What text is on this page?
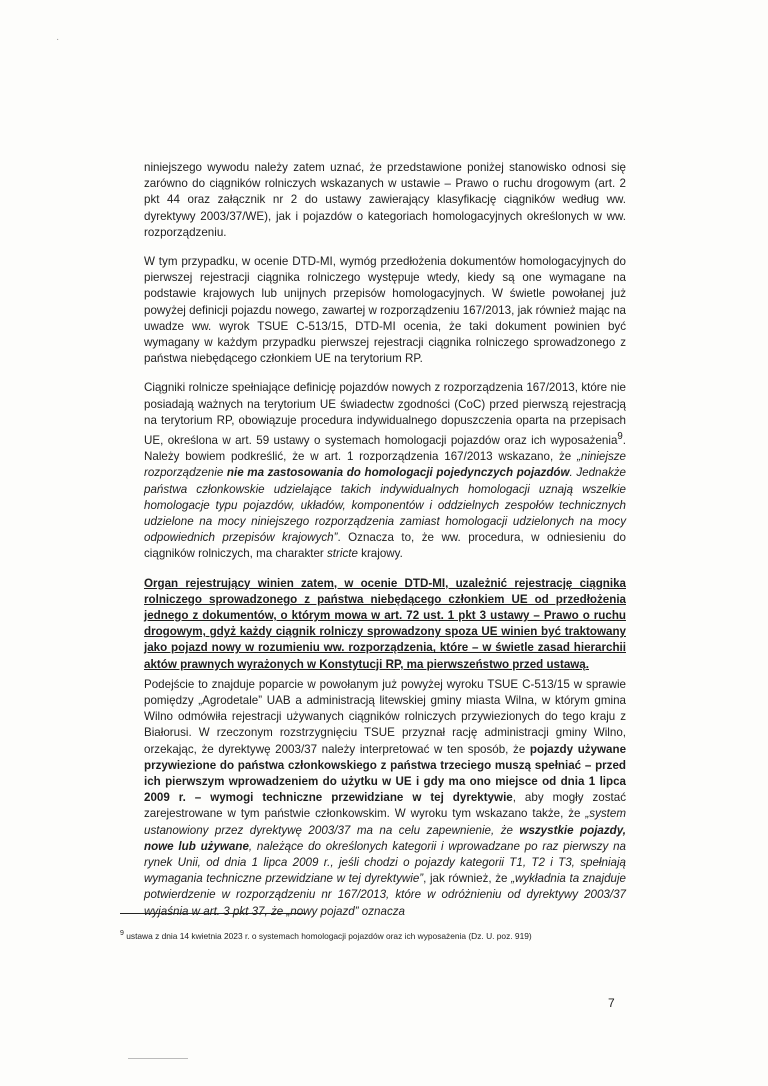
·

niniejszego wywodu należy zatem uznać, że przedstawione poniżej stanowisko odnosi się zarówno do ciągników rolniczych wskazanych w ustawie – Prawo o ruchu drogowym (art. 2 pkt 44 oraz załącznik nr 2 do ustawy zawierający klasyfikację ciągników według ww. dyrektywy 2003/37/WE), jak i pojazdów o kategoriach homologacyjnych określonych w ww. rozporządzeniu.

W tym przypadku, w ocenie DTD-MI, wymóg przedłożenia dokumentów homologacyjnych do pierwszej rejestracji ciągnika rolniczego występuje wtedy, kiedy są one wymagane na podstawie krajowych lub unijnych przepisów homologacyjnych. W świetle powołanej już powyżej definicji pojazdu nowego, zawartej w rozporządzeniu 167/2013, jak również mając na uwadze ww. wyrok TSUE C-513/15, DTD-MI ocenia, że taki dokument powinien być wymagany w każdym przypadku pierwszej rejestracji ciągnika rolniczego sprowadzonego z państwa niebędącego członkiem UE na terytorium RP.

Ciągniki rolnicze spełniające definicję pojazdów nowych z rozporządzenia 167/2013, które nie posiadają ważnych na terytorium UE świadectw zgodności (CoC) przed pierwszą rejestracją na terytorium RP, obowiązuje procedura indywidualnego dopuszczenia oparta na przepisach UE, określona w art. 59 ustawy o systemach homologacji pojazdów oraz ich wyposażenia$^9$. Należy bowiem podkreślić, że w art. 1 rozporządzenia 167/2013 wskazano, że „niniejsze rozporządzenie nie ma zastosowania do homologacji pojedynczych pojazdów. Jednakże państwa członkowskie udzielające takich indywidualnych homologacji uznają wszelkie homologacje typu pojazdów, układów, komponentów i oddzielnych zespołów technicznych udzielone na mocy niniejszego rozporządzenia zamiast homologacji udzielonych na mocy odpowiednich przepisów krajowych”. Oznacza to, że ww. procedura, w odniesieniu do ciągników rolniczych, ma charakter stricte krajowy.

Organ rejestrujący winien zatem, w ocenie DTD-MI, uzależnić rejestrację ciągnika rolniczego sprowadzonego z państwa niebędącego członkiem UE od przedłożenia jednego z dokumentów, o którym mowa w art. 72 ust. 1 pkt 3 ustawy – Prawo o ruchu drogowym, gdyż każdy ciągnik rolniczy sprowadzony spoza UE winien być traktowany jako pojazd nowy w rozumieniu ww. rozporządzenia, które – w świetle zasad hierarchii aktów prawnych wyrażonych w Konstytucji RP, ma pierwszeństwo przed ustawą.

Podejście to znajduje poparcie w powołanym już powyżej wyroku TSUE C-513/15 w sprawie pomiędzy „Agrodetale” UAB a administracją litewskiej gminy miasta Wilna, w którym gmina Wilno odmówiła rejestracji używanych ciągników rolniczych przywiezionych do tego kraju z Białorusi. W rzeczonym rozstrzygnięciu TSUE przyznał rację administracji gminy Wilno, orzekając, że dyrektywę 2003/37 należy interpretować w ten sposób, że pojazdy używane przywiezione do państwa członkowskiego z państwa trzeciego muszą spełniać – przed ich pierwszym wprowadzeniem do użytku w UE i gdy ma ono miejsce od dnia 1 lipca 2009 r. – wymogi techniczne przewidziane w tej dyrektywie, aby mogły zostać zarejestrowane w tym państwie członkowskim. W wyroku tym wskazano także, że „system ustanowiony przez dyrektywę 2003/37 ma na celu zapewnienie, że wszystkie pojazdy, nowe lub używane, należące do określonych kategorii i wprowadzane po raz pierwszy na rynek Unii, od dnia 1 lipca 2009 r., jeśli chodzi o pojazdy kategorii T1, T2 i T3, spełniają wymagania techniczne przewidziane w tej dyrektywie”, jak również, że „wykładnia ta znajduje potwierdzenie w rozporządzeniu nr 167/2013, które w odróżnieniu od dyrektywy 2003/37 wyjaśnia w art. 3 pkt 37, że „nowy pojazd” oznacza

$^9$ ustawa z dnia 14 kwietnia 2023 r. o systemach homologacji pojazdów oraz ich wyposażenia (Dz. U. poz. 919)
7
